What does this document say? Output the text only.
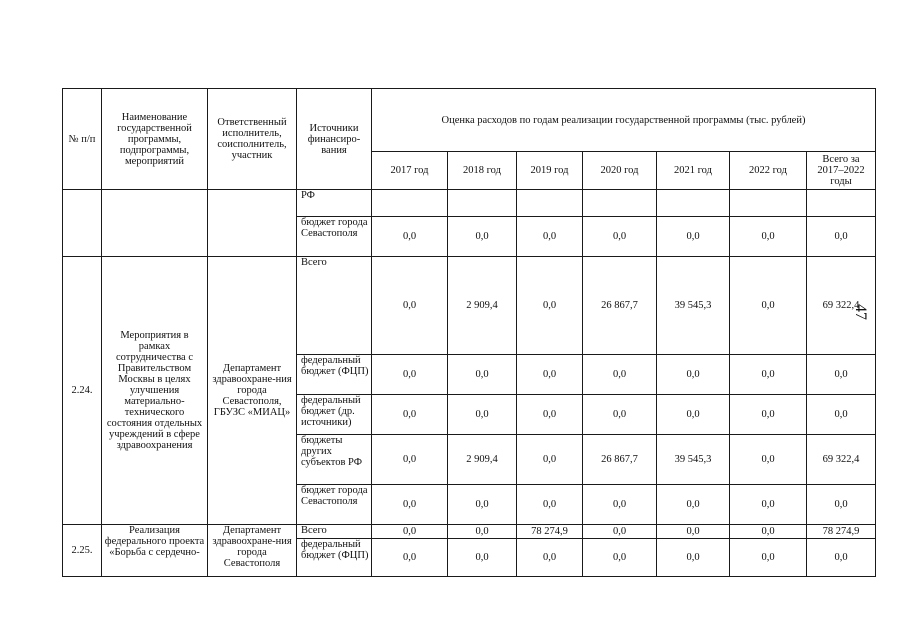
№ п/п	Наименование государственной программы, подпрограммы, мероприятий	Ответственный исполнитель, соисполнитель, участник	Источники финансиро-вания	Оценка расходов по годам реализации государственной программы (тыс. рублей)						
				2017 год	2018 год	2019 год	2020 год	2021 год	2022 год	Всего за 2017–2022 годы
			РФ							
			бюджет города Севастополя	0,0	0,0	0,0	0,0	0,0	0,0	0,0
2.24.	Мероприятия в рамках сотрудничества с Правительством Москвы в целях улучшения материально-технического состояния отдельных учреждений в сфере здравоохранения	Департамент здравоохране-ния города Севастополя, ГБУЗС «МИАЦ»	Всего	0,0	2 909,4	0,0	26 867,7	39 545,3	0,0	69 322,4
			федеральный бюджет (ФЦП)	0,0	0,0	0,0	0,0	0,0	0,0	0,0
			федеральный бюджет (др. источники)	0,0	0,0	0,0	0,0	0,0	0,0	0,0
			бюджеты других субъектов РФ	0,0	2 909,4	0,0	26 867,7	39 545,3	0,0	69 322,4
			бюджет города Севастополя	0,0	0,0	0,0	0,0	0,0	0,0	0,0
2.25.	Реализация федерального проекта «Борьба с сердечно-	Департамент здравоохране-ния города Севастополя	Всего	0,0	0,0	78 274,9	0,0	0,0	0,0	78 274,9
			федеральный бюджет (ФЦП)	0,0	0,0	0,0	0,0	0,0	0,0	0,0
47
